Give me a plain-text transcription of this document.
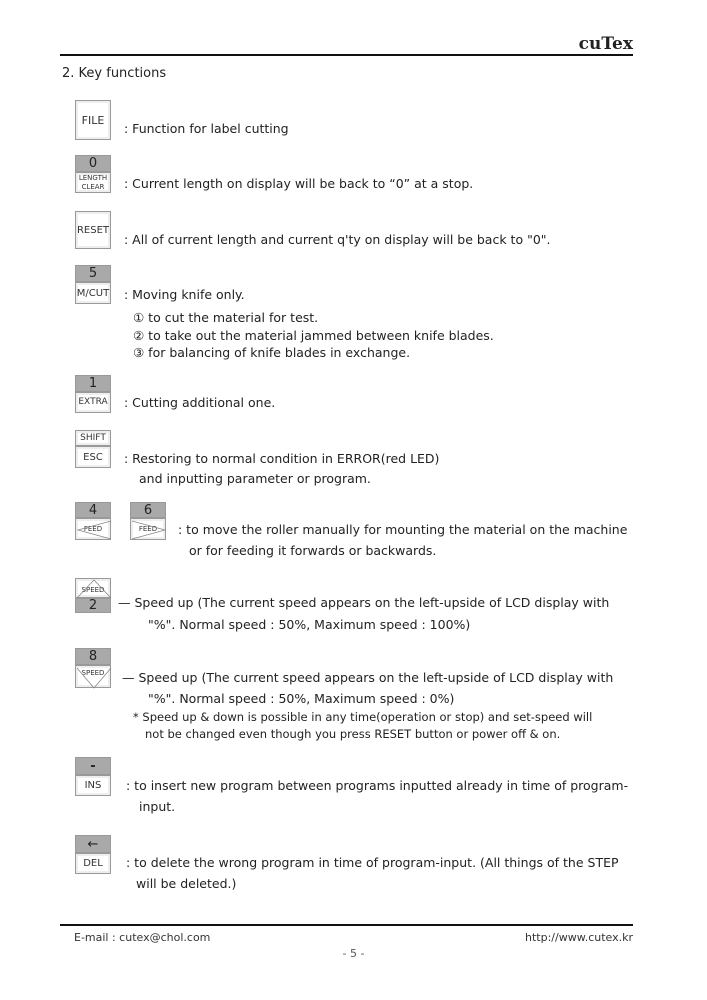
cuTex
2. Key functions
FILE
: Function for label cutting
0
LENGTH
CLEAR : Current length on display will be back to “0” at a stop.
RESET
: All of current length and current q'ty on display will be back to "0".
5
M/CUT : Moving knife only.
① to cut the material for test.
② to take out the material jammed between knife blades.
③ for balancing of knife blades in exchange.
1
EXTRA : Cutting additional one.
SHIFT
ESC	: Restoring to normal condition in ERROR(red LED)
and inputting parameter or program.
4
FEED
6
FEED : to move the roller manually for mounting the material on the machine
or for feeding it forwards or backwards.
SPEED
2	— Speed up (The current speed appears on the left-upside of LCD display with
"%". Normal speed : 50%, Maximum speed : 100%)
8
SPEED — Speed up (The current speed appears on the left-upside of LCD display with
"%". Normal speed : 50%, Maximum speed : 0%)
* Speed up & down is possible in any time(operation or stop) and set-speed will
not be changed even though you press RESET button or power off & on.
-
INS	: to insert new program between programs inputted already in time of program-
input.
←
DEL	: to delete the wrong program in time of program-input. (All things of the STEP
will be deleted.)
E-mail : cutex@chol.com	http://www.cutex.kr
- 5 -
